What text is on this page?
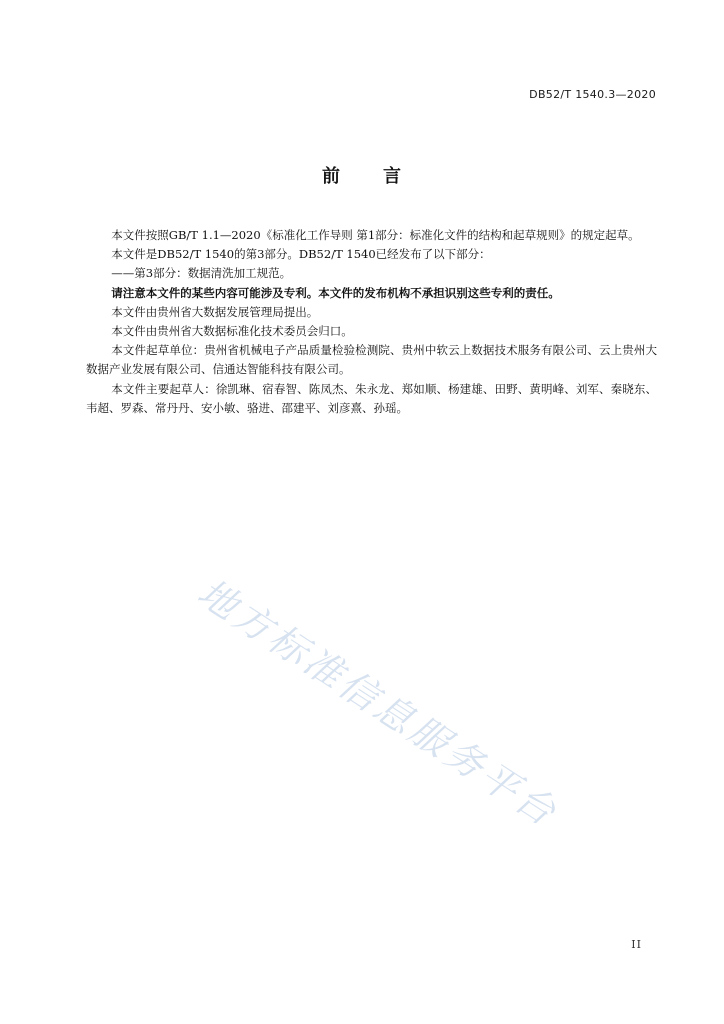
DB52/T 1540.3—2020
前 言

本文件按照GB/T 1.1—2020《标准化工作导则 第1部分：标准化文件的结构和起草规则》的规定起草。

本文件是DB52/T 1540的第3部分。DB52/T 1540已经发布了以下部分：

——第3部分：数据清洗加工规范。

请注意本文件的某些内容可能涉及专利。本文件的发布机构不承担识别这些专利的责任。

本文件由贵州省大数据发展管理局提出。

本文件由贵州省大数据标准化技术委员会归口。

本文件起草单位：贵州省机械电子产品质量检验检测院、贵州中软云上数据技术服务有限公司、云上贵州大数据产业发展有限公司、信通达智能科技有限公司。

本文件主要起草人：徐凯琳、宿春智、陈凤杰、朱永龙、郑如顺、杨建雄、田野、黄明峰、刘军、秦晓东、韦超、罗森、常丹丹、安小敏、骆进、邵建平、刘彦熹、孙瑶。

地方标准信息服务平台
II
